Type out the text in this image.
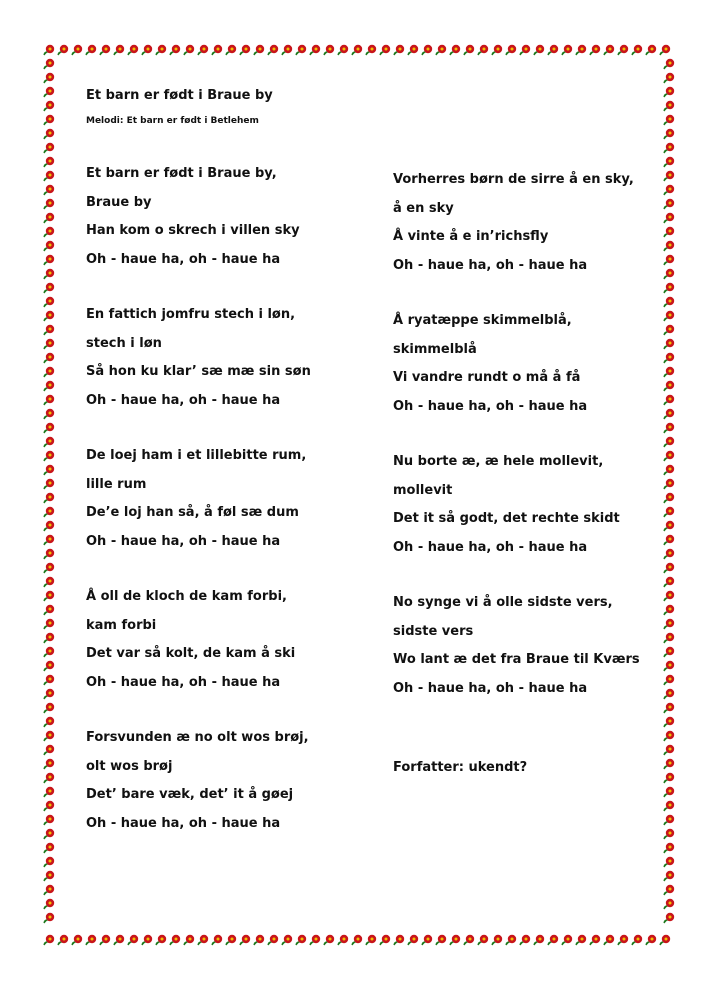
Et barn er født i Braue by
Melodi: Et barn er født i Betlehem
Et barn er født i Braue by,
Braue by
Han kom o skrech i villen sky
Oh - haue ha, oh - haue ha
En fattich jomfru stech i løn,
stech i løn
Så hon ku klar’ sæ mæ sin søn
Oh - haue ha, oh - haue ha
De loej ham i et lillebitte rum,
lille rum
De’e loj han så, å føl sæ dum
Oh - haue ha, oh - haue ha
Å oll de kloch de kam forbi,
kam forbi
Det var så kolt, de kam å ski
Oh - haue ha, oh - haue ha
Forsvunden æ no olt wos brøj,
olt wos brøj
Det’ bare væk, det’ it å gøej
Oh - haue ha, oh - haue ha
Vorherres børn de sirre å en sky,
å en sky
Å vinte å e in’richsfly
Oh - haue ha, oh - haue ha
Å ryatæppe skimmelblå,
skimmelblå
Vi vandre rundt o må å få
Oh - haue ha, oh - haue ha
Nu borte æ, æ hele mollevit,
mollevit
Det it så godt, det rechte skidt
Oh - haue ha, oh - haue ha
No synge vi å olle sidste vers,
sidste vers
Wo lant æ det fra Braue til Kværs
Oh - haue ha, oh - haue ha
Forfatter: ukendt?
